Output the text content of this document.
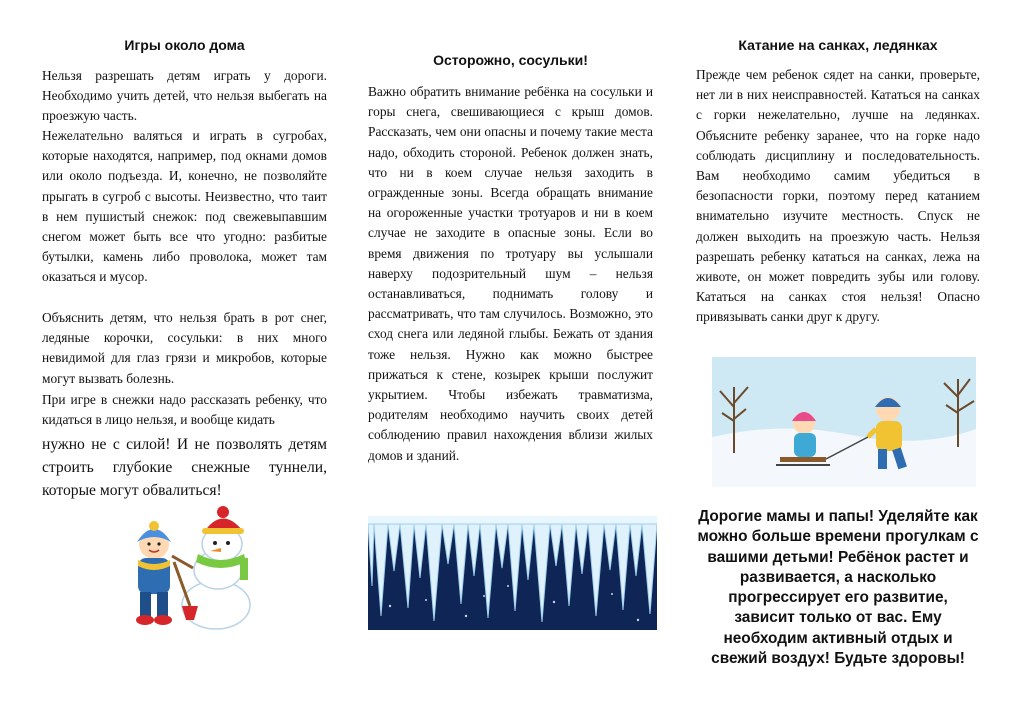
Игры около дома

Нельзя разрешать детям играть у дороги. Необходимо учить детей, что нельзя выбегать на проезжую часть.

Нежелательно валяться и играть в сугробах, которые находятся, например, под окнами домов или около подъезда. И, конечно, не позволяйте прыгать в сугроб с высоты. Неизвестно, что таит в нем пушистый снежок: под свежевыпавшим снегом может быть все что угодно: разбитые бутылки, камень либо проволока, может там оказаться и мусор.

Объяснить детям, что нельзя брать в рот снег, ледяные корочки, сосульки: в них много невидимой для глаз грязи и микробов, которые могут вызвать болезнь.

При игре в снежки надо рассказать ребенку, что кидаться в лицо нельзя, и вообще кидать

нужно не с силой! И не позволять детям строить глубокие снежные туннели, которые могут обвалиться!

Осторожно, сосульки!

Важно обратить внимание ребёнка на сосульки и горы снега, свешивающиеся с крыш домов. Рассказать, чем они опасны и почему такие места надо, обходить стороной. Ребенок должен знать, что ни в коем случае нельзя заходить в огражденные зоны. Всегда обращать внимание на огороженные участки тротуаров и ни в коем случае не заходите в опасные зоны. Если во время движения по тротуару вы услышали наверху подозрительный шум – нельзя останавливаться, поднимать голову и рассматривать, что там случилось. Возможно, это сход снега или ледяной глыбы. Бежать от здания тоже нельзя. Нужно как можно быстрее прижаться к стене, козырек крыши послужит укрытием. Чтобы избежать травматизма, родителям необходимо научить своих детей соблюдению правил нахождения вблизи жилых домов и зданий.

Катание на санках, ледянках

Прежде чем ребенок сядет на санки, проверьте, нет ли в них неисправностей. Кататься на санках с горки нежелательно, лучше на ледянках. Объясните ребенку заранее, что на горке надо соблюдать дисциплину и последовательность. Вам необходимо самим убедиться в безопасности горки, поэтому перед катанием внимательно изучите местность. Спуск не должен выходить на проезжую часть. Нельзя разрешать ребенку кататься на санках, лежа на животе, он может повредить зубы или голову. Кататься на санках стоя нельзя! Опасно привязывать санки друг к другу.

Дорогие мамы и папы! Уделяйте как можно больше времени прогулкам с вашими детьми! Ребёнок растет и развивается, а насколько прогрессирует его развитие, зависит только от вас. Ему необходим активный отдых и свежий воздух! Будьте здоровы!
